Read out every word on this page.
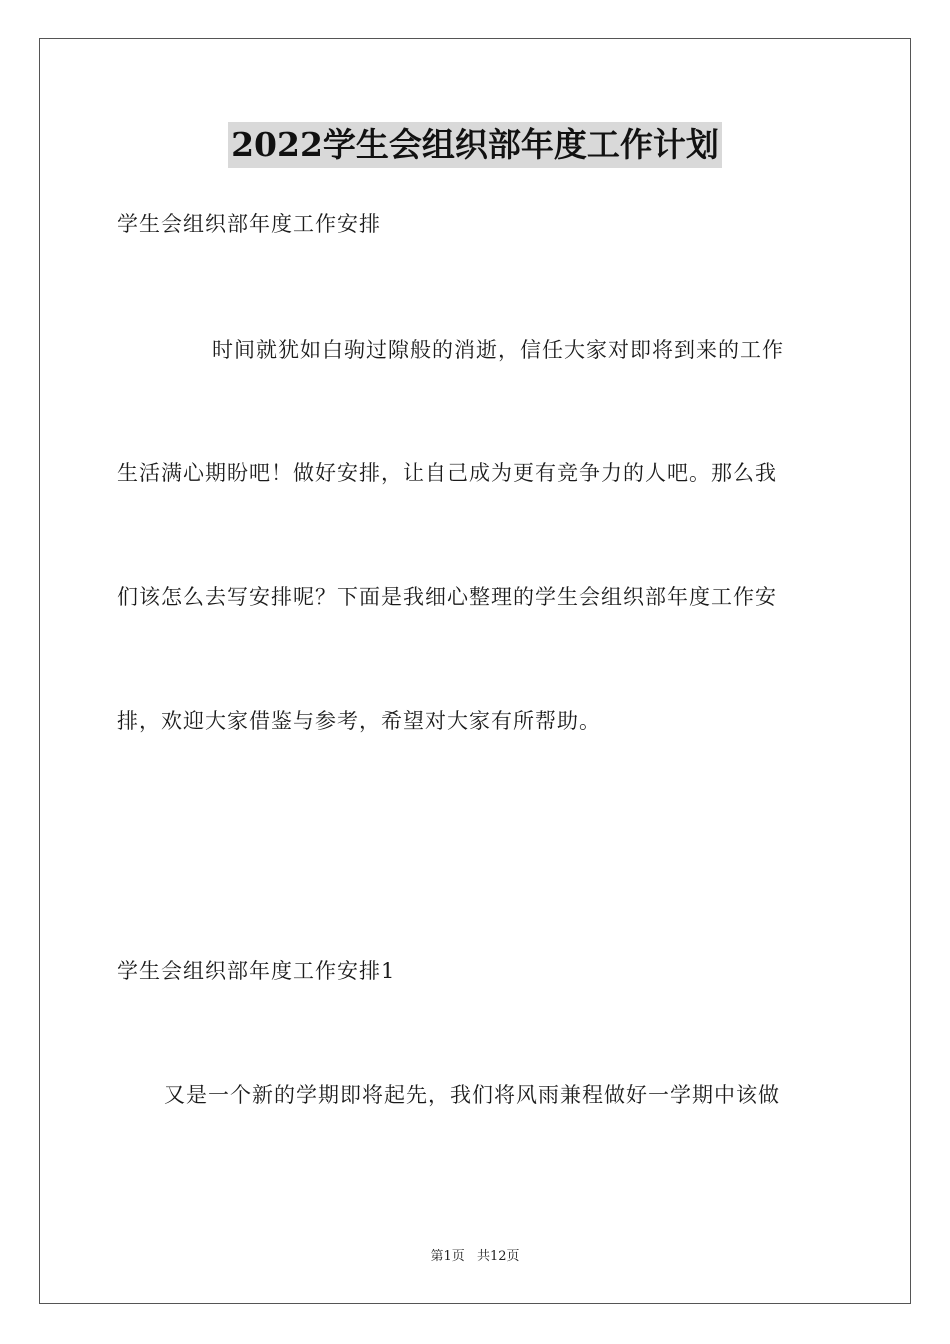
2022学生会组织部年度工作计划
学生会组织部年度工作安排
时间就犹如白驹过隙般的消逝，信任大家对即将到来的工作
生活满心期盼吧！做好安排，让自己成为更有竞争力的人吧。那么我
们该怎么去写安排呢？下面是我细心整理的学生会组织部年度工作安
排，欢迎大家借鉴与参考，希望对大家有所帮助。
学生会组织部年度工作安排1
又是一个新的学期即将起先，我们将风雨兼程做好一学期中该做
第1页 共12页
